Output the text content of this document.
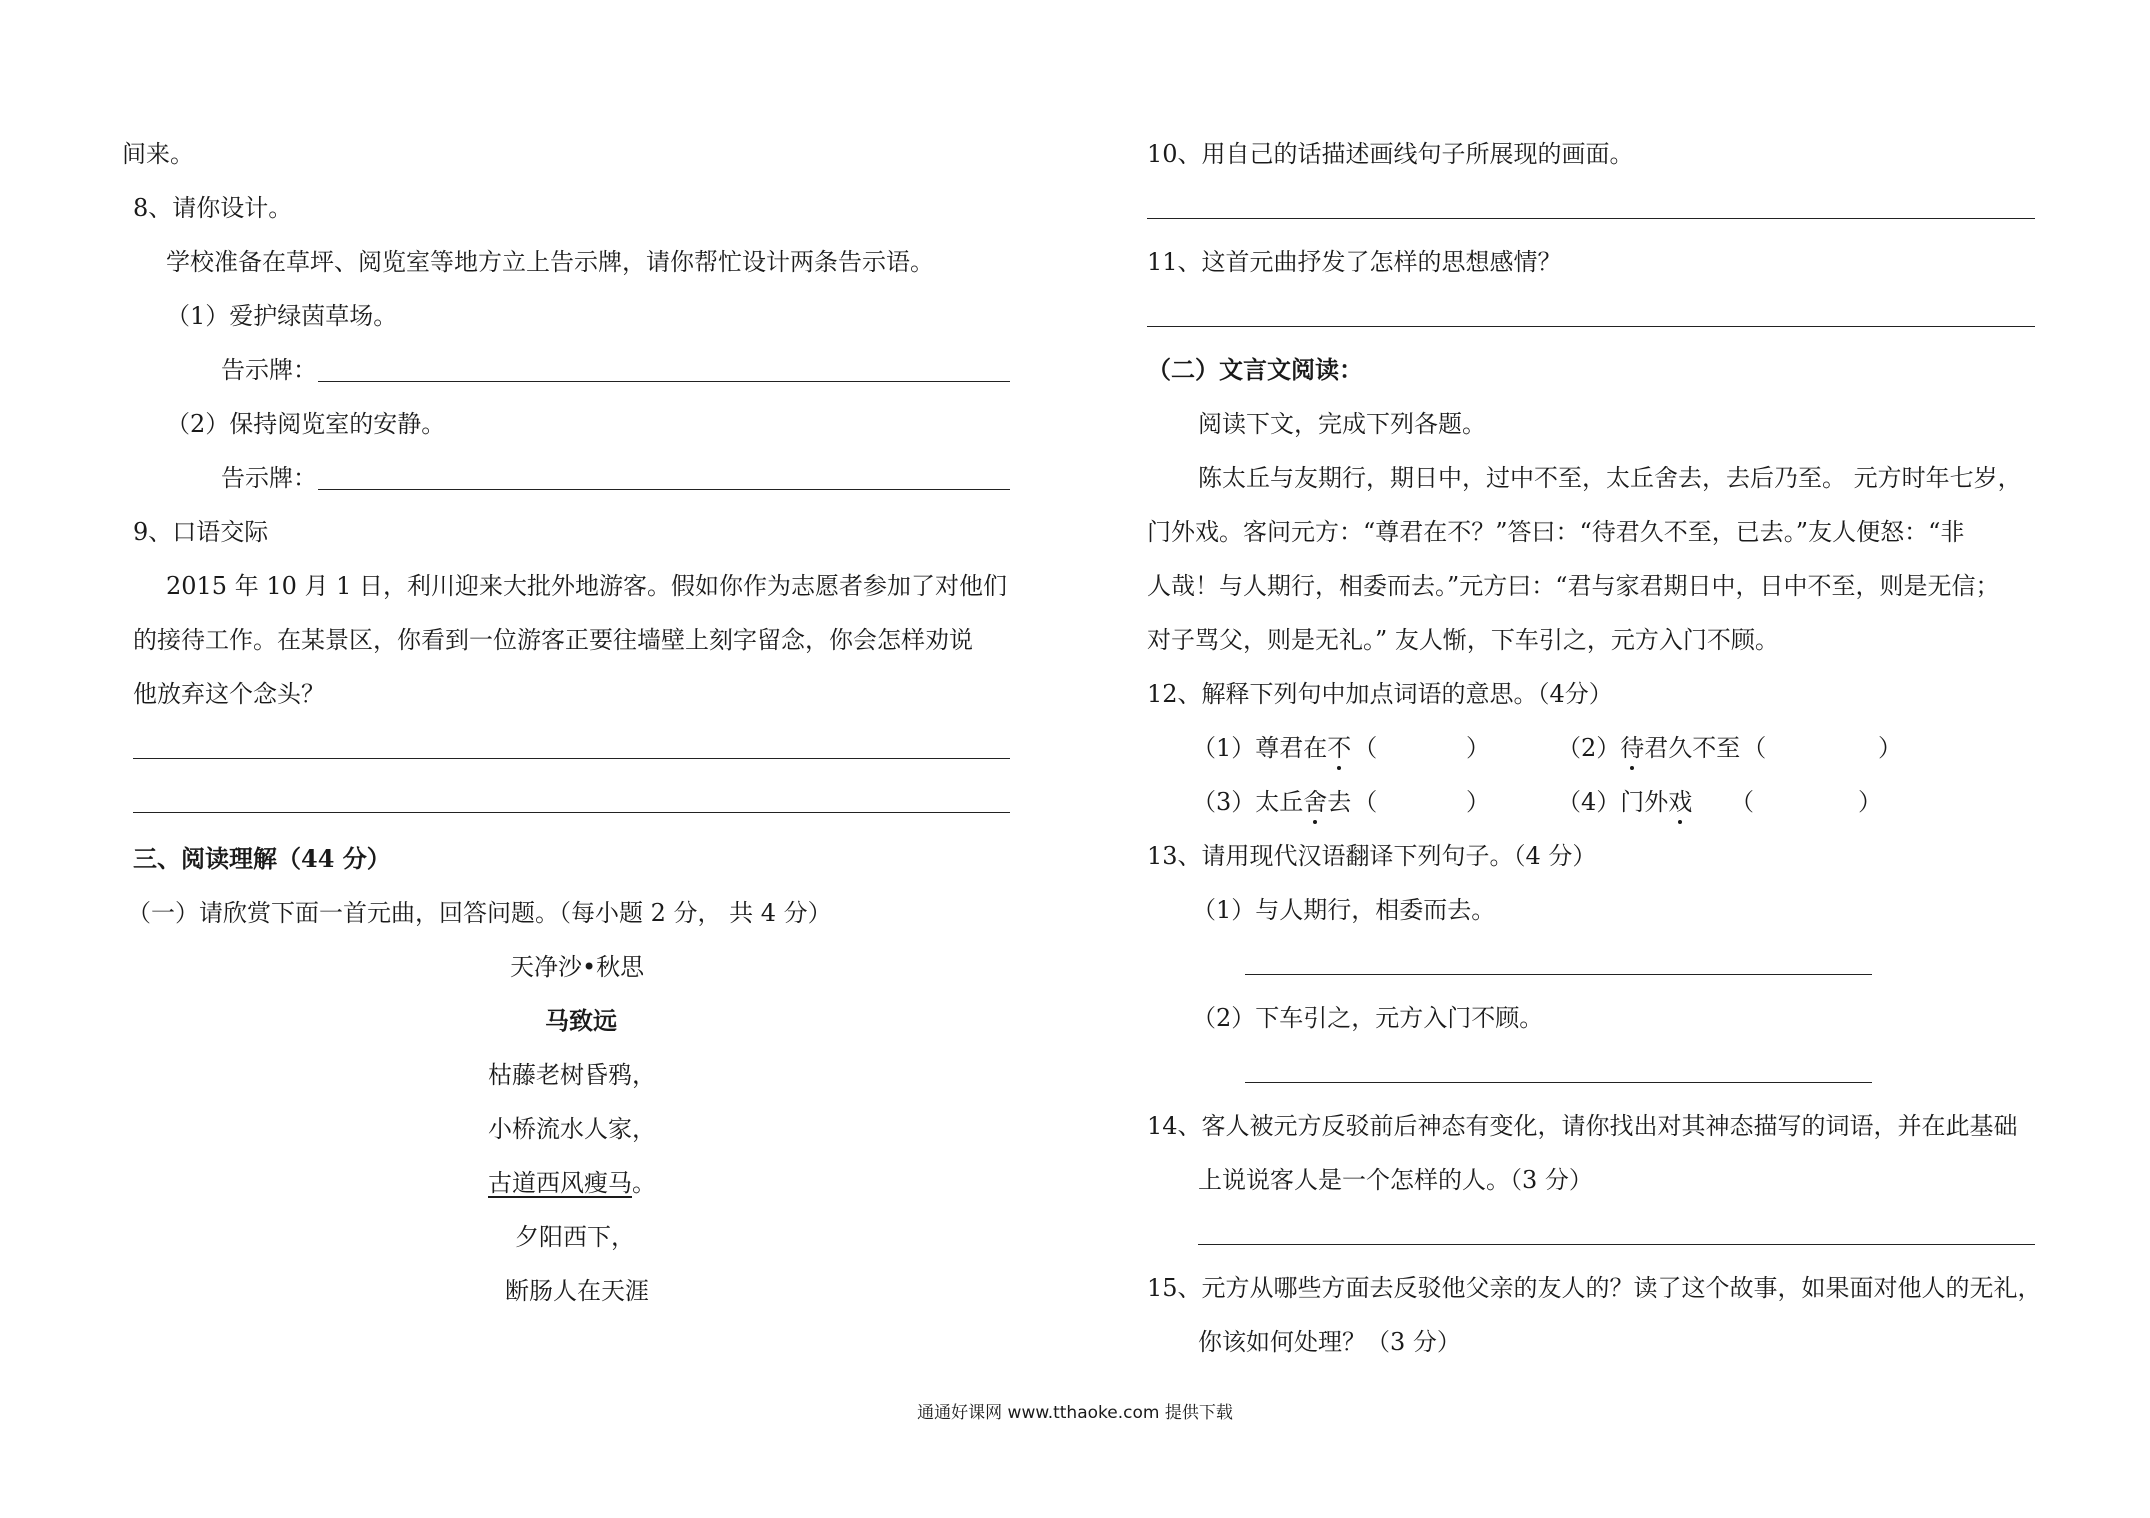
间来。
8、请你设计。
学校准备在草坪、阅览室等地方立上告示牌，请你帮忙设计两条告示语。
（1）爱护绿茵草场。
告示牌：
（2）保持阅览室的安静。
告示牌：
9、口语交际
2015 年 10 月 1 日，利川迎来大批外地游客。假如你作为志愿者参加了对他们
的接待工作。在某景区，你看到一位游客正要往墙壁上刻字留念，你会怎样劝说
他放弃这个念头？
三、阅读理解（44 分）
（一）请欣赏下面一首元曲，回答问题。（每小题 2 分， 共 4 分）
天净沙•秋思
马致远
枯藤老树昏鸦，
小桥流水人家，
古道西风瘦马。
夕阳西下，
断肠人在天涯
10、用自己的话描述画线句子所展现的画面。
11、这首元曲抒发了怎样的思想感情？
（二）文言文阅读：
阅读下文，完成下列各题。
陈太丘与友期行，期日中，过中不至，太丘舍去，去后乃至。 元方时年七岁，
门外戏。客问元方：“尊君在不？”答曰：“待君久不至，已去。”友人便怒：“非
人哉！与人期行，相委而去。”元方曰：“君与家君期日中，日中不至，则是无信；
对子骂父，则是无礼。” 友人惭，下车引之，元方入门不顾。
12、解释下列句中加点词语的意思。（4分）
（1）尊君在不（	）	（2）待君久不至（	）
（3）太丘舍去（	）	（4）门外戏 （	）
13、请用现代汉语翻译下列句子。（4 分）
（1）与人期行，相委而去。
（2）下车引之，元方入门不顾。
14、客人被元方反驳前后神态有变化，请你找出对其神态描写的词语，并在此基础
上说说客人是一个怎样的人。（3 分）
15、元方从哪些方面去反驳他父亲的友人的？读了这个故事，如果面对他人的无礼，
你该如何处理？（3 分）
通通好课网 www.tthaoke.com 提供下载
